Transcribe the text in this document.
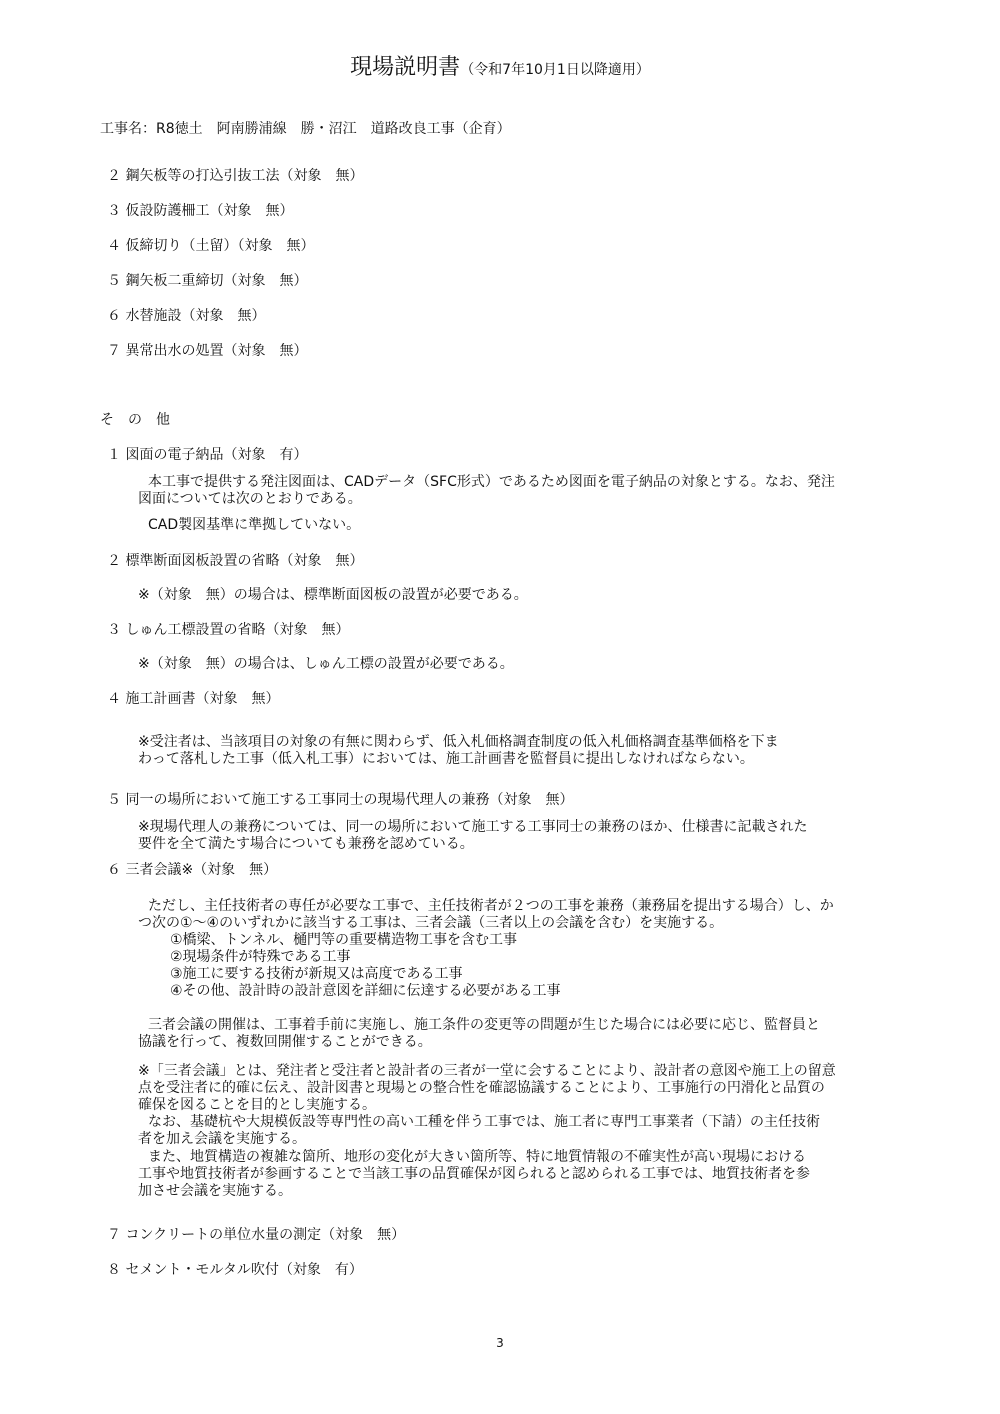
現場説明書（令和7年10月1日以降適用）
工事名：R8徳土　阿南勝浦線　勝・沼江　道路改良工事（企育）
２ 鋼矢板等の打込引抜工法（対象　無）
３ 仮設防護柵工（対象　無）
４ 仮締切り（土留）（対象　無）
５ 鋼矢板二重締切（対象　無）
６ 水替施設（対象　無）
７ 異常出水の処置（対象　無）
そ　の　他
１ 図面の電子納品（対象　有）
本工事で提供する発注図面は、CADデータ（SFC形式）であるため図面を電子納品の対象とする。なお、発注
図面については次のとおりである。
CAD製図基準に準拠していない。
２ 標準断面図板設置の省略（対象　無）
※（対象　無）の場合は、標準断面図板の設置が必要である。
３ しゅん工標設置の省略（対象　無）
※（対象　無）の場合は、しゅん工標の設置が必要である。
４ 施工計画書（対象　無）
※受注者は、当該項目の対象の有無に関わらず、低入札価格調査制度の低入札価格調査基準価格を下ま
わって落札した工事（低入札工事）においては、施工計画書を監督員に提出しなければならない。
５ 同一の場所において施工する工事同士の現場代理人の兼務（対象　無）
※現場代理人の兼務については、同一の場所において施工する工事同士の兼務のほか、仕様書に記載された
要件を全て満たす場合についても兼務を認めている。
６ 三者会議※（対象　無）
ただし、主任技術者の専任が必要な工事で、主任技術者が２つの工事を兼務（兼務届を提出する場合）し、か
つ次の①～④のいずれかに該当する工事は、三者会議（三者以上の会議を含む）を実施する。
①橋梁、トンネル、樋門等の重要構造物工事を含む工事
②現場条件が特殊である工事
③施工に要する技術が新規又は高度である工事
④その他、設計時の設計意図を詳細に伝達する必要がある工事
三者会議の開催は、工事着手前に実施し、施工条件の変更等の問題が生じた場合には必要に応じ、監督員と
協議を行って、複数回開催することができる。
※「三者会議」とは、発注者と受注者と設計者の三者が一堂に会することにより、設計者の意図や施工上の留意
点を受注者に的確に伝え、設計図書と現場との整合性を確認協議することにより、工事施行の円滑化と品質の
確保を図ることを目的とし実施する。
なお、基礎杭や大規模仮設等専門性の高い工種を伴う工事では、施工者に専門工事業者（下請）の主任技術
者を加え会議を実施する。
また、地質構造の複雑な箇所、地形の変化が大きい箇所等、特に地質情報の不確実性が高い現場における
工事や地質技術者が参画することで当該工事の品質確保が図られると認められる工事では、地質技術者を参
加させ会議を実施する。
７ コンクリートの単位水量の測定（対象　無）
８ セメント・モルタル吹付（対象　有）
3
